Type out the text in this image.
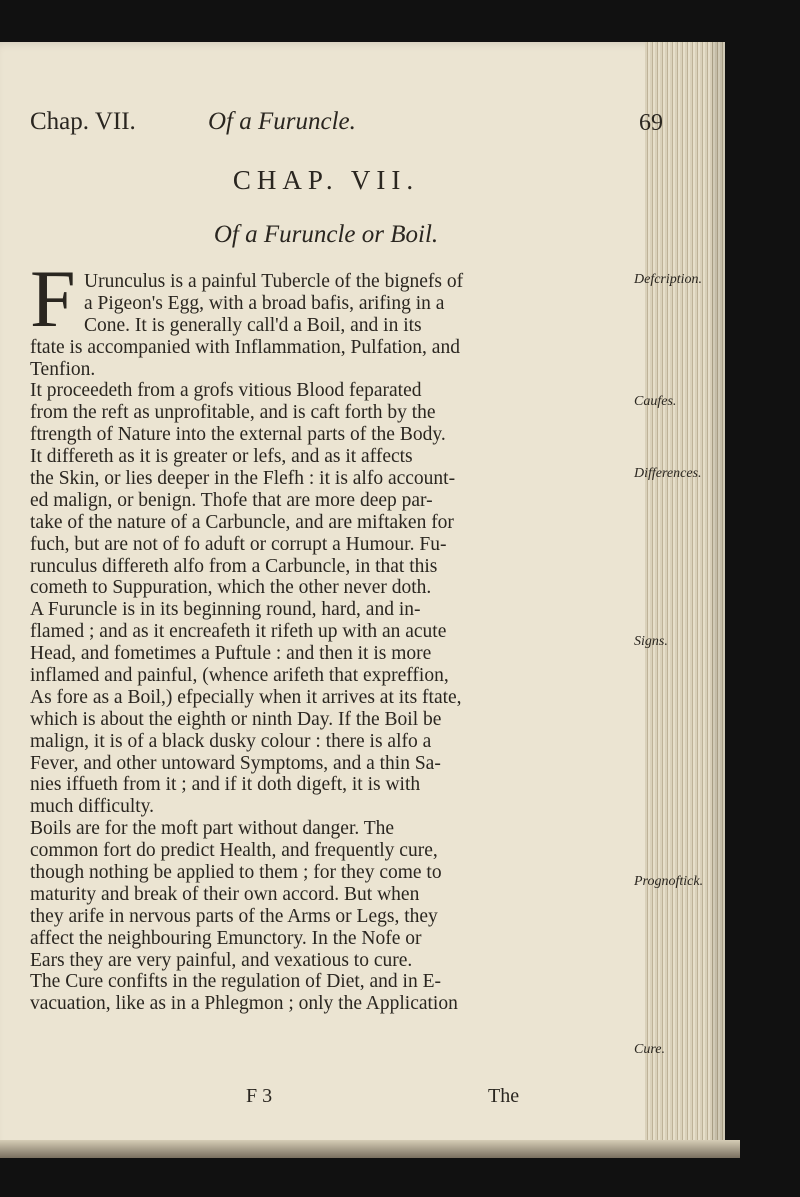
Chap. VII.	Of a Furuncle.	69
CHAP. VII.
Of a Furuncle or Boil.
F Urunculus is a painful Tubercle of the bignefs of
a Pigeon's Egg, with a broad bafis, arifing in a
Cone. It is generally call'd a Boil, and in its
ftate is accompanied with Inflammation, Pulfation, and
Tenfion.
It proceedeth from a grofs vitious Blood feparated
from the reft as unprofitable, and is caft forth by the
ftrength of Nature into the external parts of the Body.
It differeth as it is greater or lefs, and as it affects
the Skin, or lies deeper in the Flefh : it is alfo account-
ed malign, or benign. Thofe that are more deep par-
take of the nature of a Carbuncle, and are miftaken for
fuch, but are not of fo aduft or corrupt a Humour. Fu-
runculus differeth alfo from a Carbuncle, in that this
cometh to Suppuration, which the other never doth.
A Furuncle is in its beginning round, hard, and in-
flamed ; and as it encreafeth it rifeth up with an acute
Head, and fometimes a Puftule : and then it is more
inflamed and painful, (whence arifeth that expreffion,
As fore as a Boil,) efpecially when it arrives at its ftate,
which is about the eighth or ninth Day. If the Boil be
malign, it is of a black dusky colour : there is alfo a
Fever, and other untoward Symptoms, and a thin Sa-
nies iffueth from it ; and if it doth digeft, it is with
much difficulty.
Boils are for the moft part without danger. The
common fort do predict Health, and frequently cure,
though nothing be applied to them ; for they come to
maturity and break of their own accord. But when
they arife in nervous parts of the Arms or Legs, they
affect the neighbouring Emunctory. In the Nofe or
Ears they are very painful, and vexatious to cure.
The Cure confifts in the regulation of Diet, and in E-
vacuation, like as in a Phlegmon ; only the Application
Defcription.
Caufes.
Differences.
Signs.
Prognoftick.
Cure.
F 3	The
